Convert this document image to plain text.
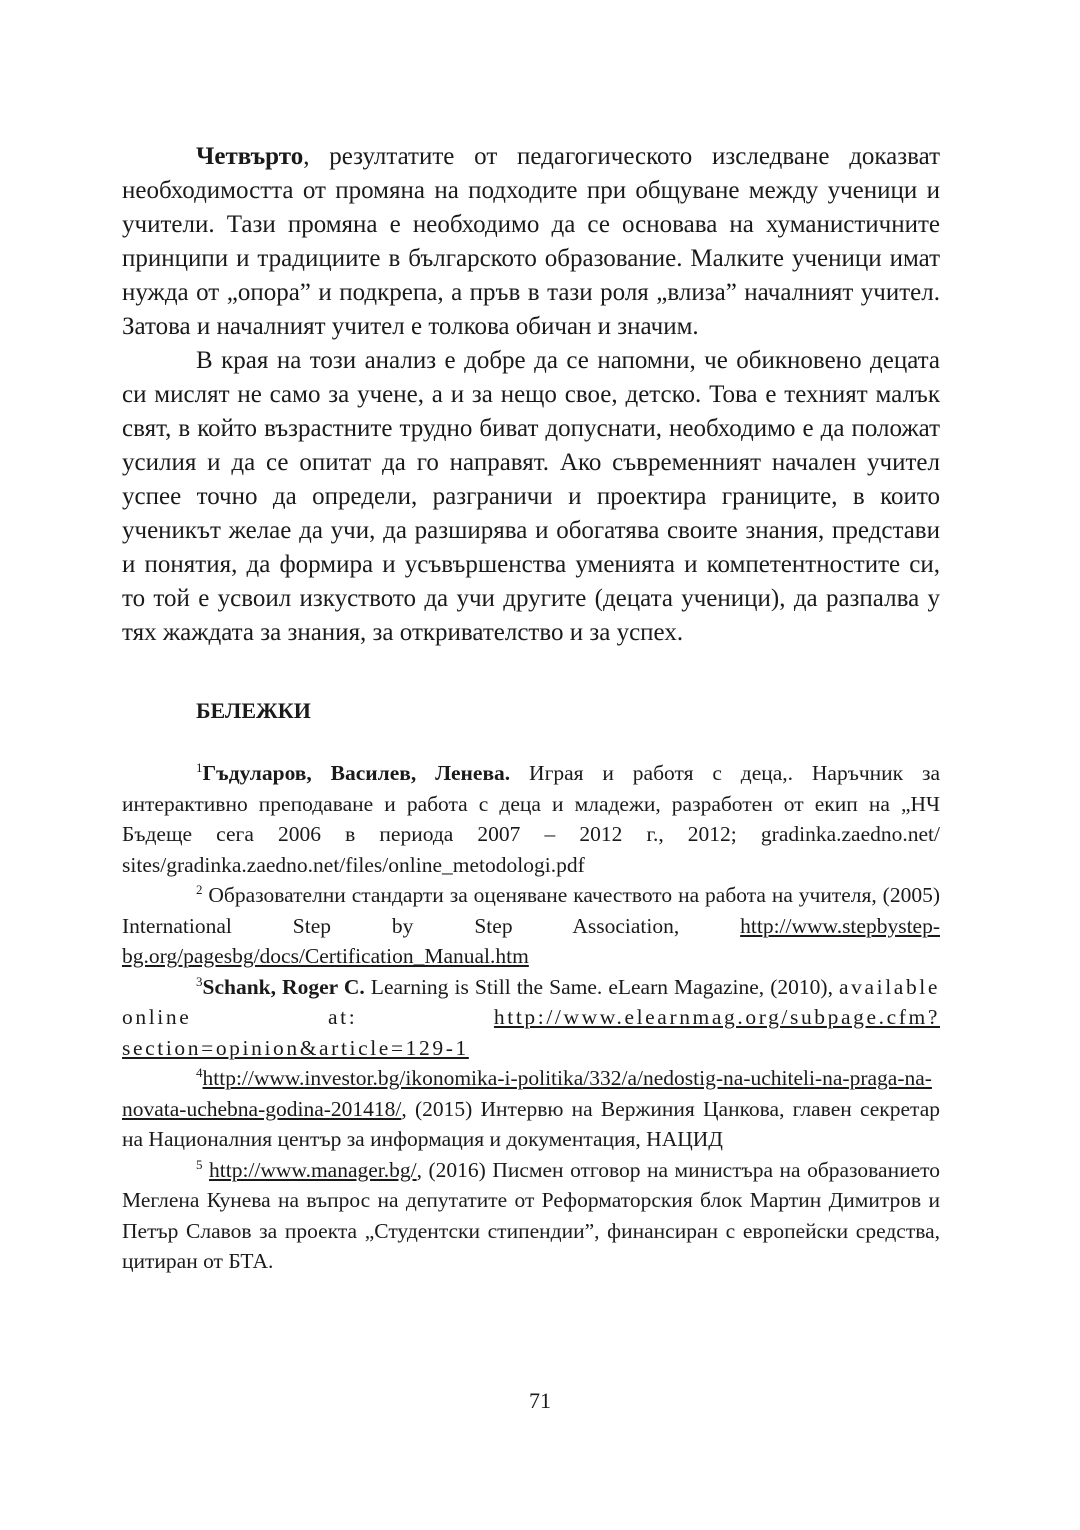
Четвърто, резултатите от педагогическото изследване доказват необходимостта от промяна на подходите при общуване между ученици и учители. Тази промяна е необходимо да се основава на хуманистичните принципи и традициите в българското образование. Малките ученици имат нужда от „опора” и подкрепа, а пръв в тази роля „влиза” началният учител. Затова и началният учител е толкова обичан и значим.

В края на този анализ е добре да се напомни, че обикновено децата си мислят не само за учене, а и за нещо свое, детско. Това е техният малък свят, в който възрастните трудно биват допуснати, необходимо е да положат усилия и да се опитат да го направят. Ако съвременният начален учител успее точно да определи, разграничи и проектира границите, в които ученикът желае да учи, да разширява и обогатява своите знания, представи и понятия, да формира и усъвършенства уменията и компетентностите си, то той е усвоил изкуството да учи другите (децата ученици), да разпалва у тях жаждата за знания, за откривателство и за успех.

БЕЛЕЖКИ

$^1$Гъдуларов, Василев, Ленева. Играя и работя с деца,. Наръчник за интерактивно преподаване и работа с деца и младежи, разработен от екип на „НЧ Бъдеще сега 2006 в периода 2007 – 2012 г., 2012; gradinka.zaedno.net/ sites/gradinka.zaedno.net/files/online_metodologi.pdf

$^2$ Образователни стандарти за оценяване качеството на работа на учителя, (2005) International Step by Step Association, http://www.stepbystep-bg.org/pagesbg/docs/Certification_Manual.htm

$^3$Schank, Roger C. Learning is Still the Same. eLearn Magazine, (2010), available online at: http://www.elearnmag.org/subpage.cfm?section=opinion&article=129-1

$^4$http://www.investor.bg/ikonomika-i-politika/332/a/nedostig-na-uchiteli-na-praga-na-novata-uchebna-godina-201418/, (2015) Интервю на Вержиния Цанкова, главен секретар на Националния център за информация и документация, НАЦИД

$^5$ http://www.manager.bg/, (2016) Писмен отговор на министъра на образованието Меглена Кунева на въпрос на депутатите от Реформаторския блок Мартин Димитров и Петър Славов за проекта „Студентски стипендии”, финансиран с европейски средства, цитиран от БТА.

71
